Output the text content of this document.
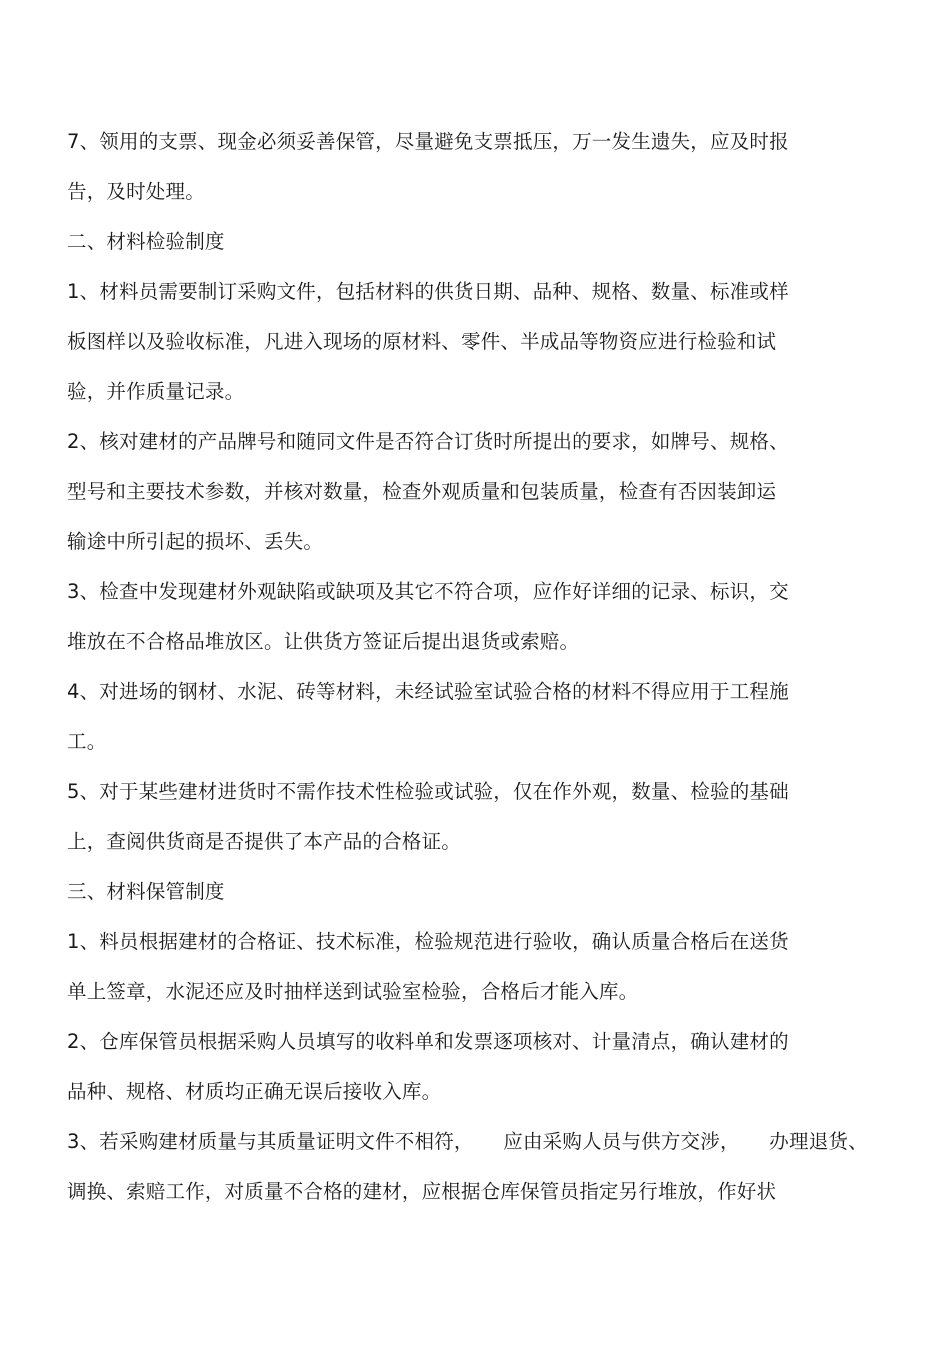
7、领用的支票、现金必须妥善保管，尽量避免支票抵压，万一发生遗失，应及时报
告，及时处理。
二、材料检验制度
1、材料员需要制订采购文件，包括材料的供货日期、品种、规格、数量、标准或样
板图样以及验收标准，凡进入现场的原材料、零件、半成品等物资应进行检验和试
验，并作质量记录。
2、核对建材的产品牌号和随同文件是否符合订货时所提出的要求，如牌号、规格、
型号和主要技术参数，并核对数量，检查外观质量和包装质量，检查有否因装卸运
输途中所引起的损坏、丢失。
3、检查中发现建材外观缺陷或缺项及其它不符合项，应作好详细的记录、标识，交
堆放在不合格品堆放区。让供货方签证后提出退货或索赔。
4、对进场的钢材、水泥、砖等材料，未经试验室试验合格的材料不得应用于工程施
工。
5、对于某些建材进货时不需作技术性检验或试验，仅在作外观，数量、检验的基础
上，查阅供货商是否提供了本产品的合格证。
三、材料保管制度
1、料员根据建材的合格证、技术标准，检验规范进行验收，确认质量合格后在送货
单上签章，水泥还应及时抽样送到试验室检验，合格后才能入库。
2、仓库保管员根据采购人员填写的收料单和发票逐项核对、计量清点，确认建材的
品种、规格、材质均正确无误后接收入库。
3、若采购建材质量与其质量证明文件不相符，　　应由采购人员与供方交涉，　　办理退货、
调换、索赔工作，对质量不合格的建材，应根据仓库保管员指定另行堆放，作好状
